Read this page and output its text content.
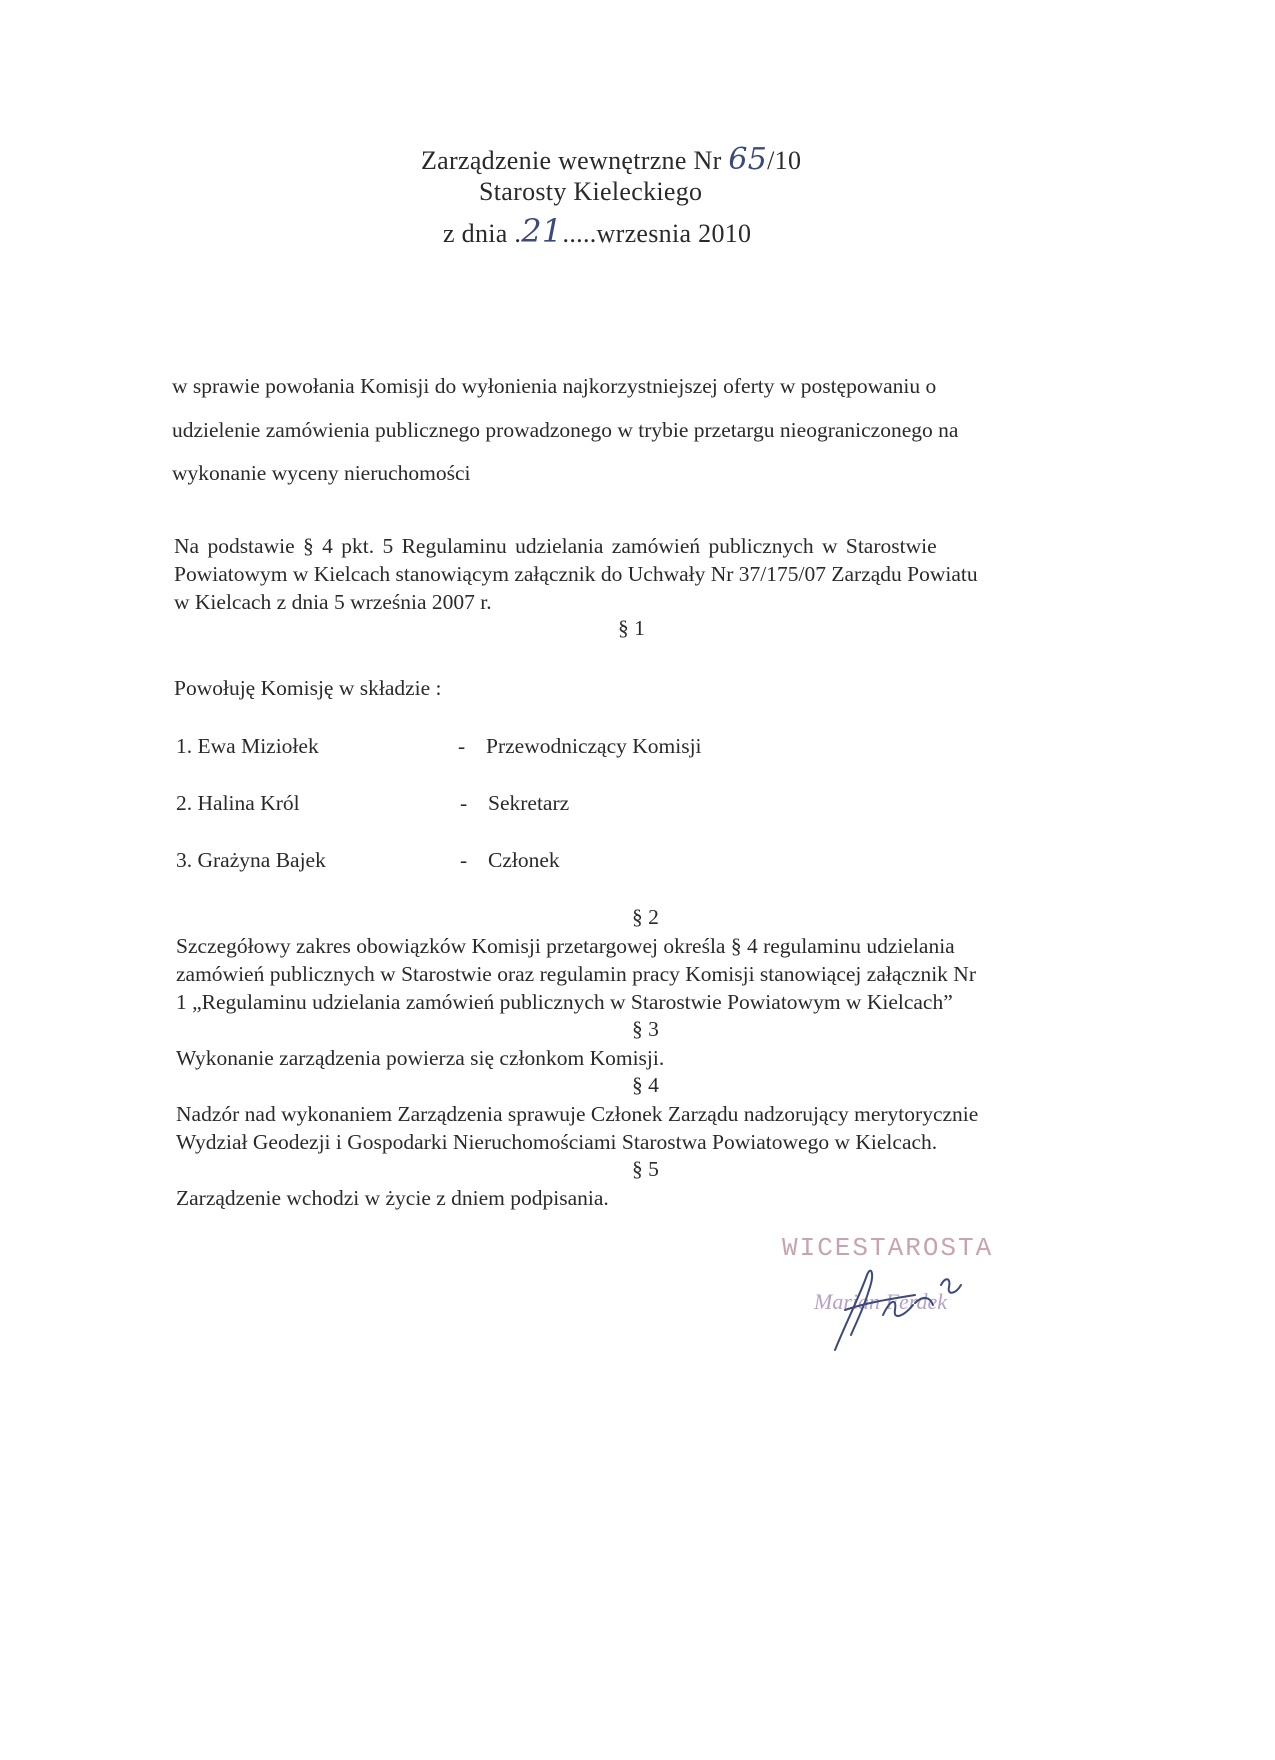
Zarządzenie wewnętrzne Nr 65/10
Starosty Kieleckiego
z dnia .21.....wrzesnia 2010
w sprawie powołania Komisji do wyłonienia najkorzystniejszej oferty w postępowaniu o
udzielenie zamówienia publicznego prowadzonego w trybie przetargu nieograniczonego na
wykonanie wyceny nieruchomości
Na podstawie § 4 pkt. 5 Regulaminu udzielania zamówień publicznych w Starostwie
Powiatowym w Kielcach stanowiącym załącznik do Uchwały Nr 37/175/07 Zarządu Powiatu
w Kielcach z dnia 5 września 2007 r.
§ 1
Powołuję Komisję w składzie :
1. Ewa Miziołek	- Przewodniczący Komisji
2. Halina Król	- Sekretarz
3. Grażyna Bajek	- Członek
§ 2
Szczegółowy zakres obowiązków Komisji przetargowej określa § 4 regulaminu udzielania
zamówień publicznych w Starostwie oraz regulamin pracy Komisji stanowiącej załącznik Nr
1 „Regulaminu udzielania zamówień publicznych w Starostwie Powiatowym w Kielcach”
§ 3
Wykonanie zarządzenia powierza się członkom Komisji.
§ 4
Nadzór nad wykonaniem Zarządzenia sprawuje Członek Zarządu nadzorujący merytorycznie
Wydział Geodezji i Gospodarki Nieruchomościami Starostwa Powiatowego w Kielcach.
§ 5
Zarządzenie wchodzi w życie z dniem podpisania.
WICESTAROSTA
Marian Ferdek
